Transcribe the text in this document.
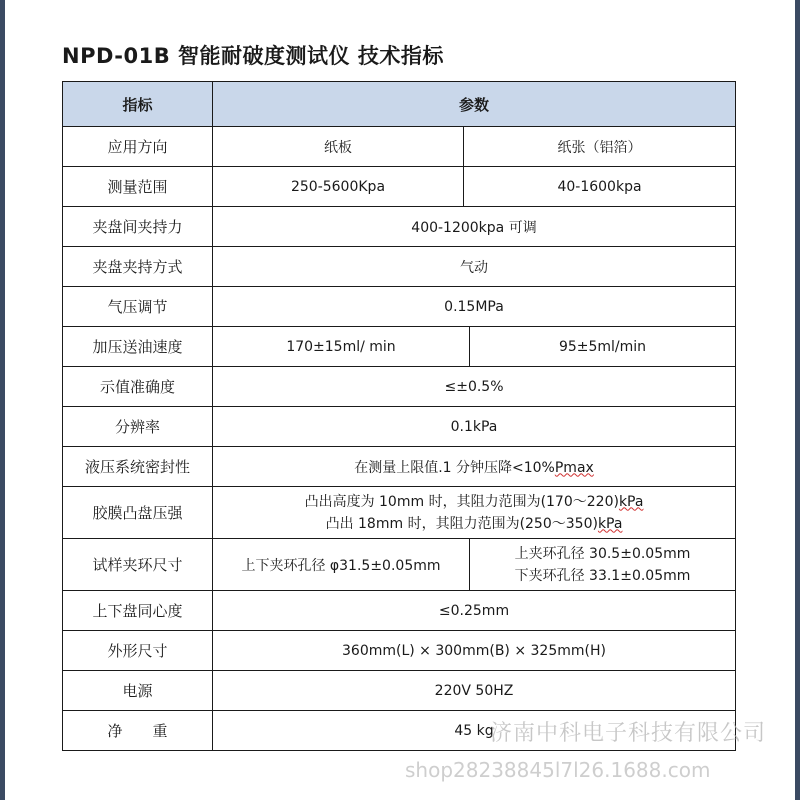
NPD-01B 智能耐破度测试仪 技术指标
指标	参数		
应用方向	纸板	纸张（铝箔）	
测量范围	250-5600Kpa	40-1600kpa	
夹盘间夹持力	400-1200kpa 可调		
夹盘夹持方式	气动		
气压调节	0.15MPa		
加压送油速度	170±15ml/ min		95±5ml/min
示值准确度	≤±0.5%		
分辨率	0.1kPa		
液压系统密封性	在测量上限值.1 分钟压降<10%Pmax		
胶膜凸盘压强	凸出高度为 10mm 时，其阻力范围为(170～220)kPa
凸出 18mm 时，其阻力范围为(250～350)kPa		

试样夹环尺寸	上下夹环孔径 φ31.5±0.05mm		上夹环孔径 30.5±0.05mm
下夹环孔径 33.1±0.05mm

上下盘同心度	≤0.25mm		
外形尺寸	360mm(L) × 300mm(B) × 325mm(H)		
电源	220V 50HZ		
净　　重	45 kg		
济南中科电子科技有限公司
shop28238845l7l26.1688.com
